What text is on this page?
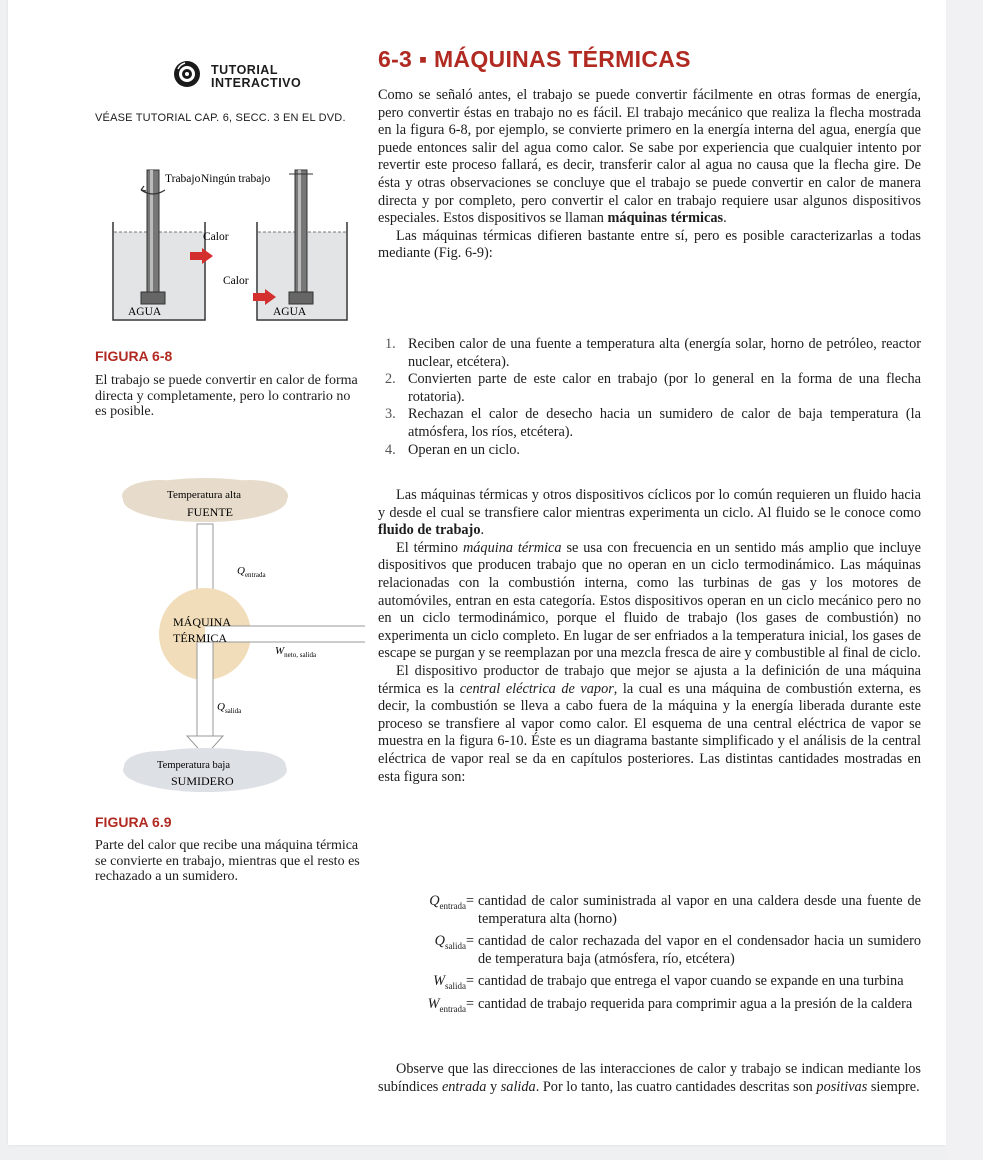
TUTORIAL
INTERACTIVO
VÉASE TUTORIAL CAP. 6, SECC. 3 EN EL DVD.
Trabajo
Calor
AGUA
Ningún trabajo
Calor
AGUA
FIGURA 6-8
El trabajo se puede convertir en calor de forma directa y completamente, pero lo contrario no es posible.
Temperatura alta
FUENTE
$Q_{entrada}$
MÁQUINA
TÉRMICA
$W_{neto, salida}$
$Q_{salida}$
Temperatura baja
SUMIDERO
FIGURA 6.9
Parte del calor que recibe una máquina térmica se convierte en trabajo, mientras que el resto es rechazado a un sumidero.
6-3 ▪ MÁQUINAS TÉRMICAS

Como se señaló antes, el trabajo se puede convertir fácilmente en otras formas de energía, pero convertir éstas en trabajo no es fácil. El trabajo mecánico que realiza la flecha mostrada en la figura 6-8, por ejemplo, se convierte primero en la energía interna del agua, energía que puede entonces salir del agua como calor. Se sabe por experiencia que cualquier intento por revertir este proceso fallará, es decir, transferir calor al agua no causa que la flecha gire. De ésta y otras observaciones se concluye que el trabajo se puede convertir en calor de manera directa y por completo, pero convertir el calor en trabajo requiere usar algunos dispositivos especiales. Estos dispositivos se llaman máquinas térmicas.

Las máquinas térmicas difieren bastante entre sí, pero es posible caracterizarlas a todas mediante (Fig. 6-9):

1. Reciben calor de una fuente a temperatura alta (energía solar, horno de petróleo, reactor nuclear, etcétera).
2. Convierten parte de este calor en trabajo (por lo general en la forma de una flecha rotatoria).
3. Rechazan el calor de desecho hacia un sumidero de calor de baja temperatura (la atmósfera, los ríos, etcétera).
4. Operan en un ciclo.

Las máquinas térmicas y otros dispositivos cíclicos por lo común requieren un fluido hacia y desde el cual se transfiere calor mientras experimenta un ciclo. Al fluido se le conoce como fluido de trabajo.

El término máquina térmica se usa con frecuencia en un sentido más amplio que incluye dispositivos que producen trabajo que no operan en un ciclo termodinámico. Las máquinas relacionadas con la combustión interna, como las turbinas de gas y los motores de automóviles, entran en esta categoría. Estos dispositivos operan en un ciclo mecánico pero no en un ciclo termodinámico, porque el fluido de trabajo (los gases de combustión) no experimenta un ciclo completo. En lugar de ser enfriados a la temperatura inicial, los gases de escape se purgan y se reemplazan por una mezcla fresca de aire y combustible al final de ciclo.

El dispositivo productor de trabajo que mejor se ajusta a la definición de una máquina térmica es la central eléctrica de vapor, la cual es una máquina de combustión externa, es decir, la combustión se lleva a cabo fuera de la máquina y la energía liberada durante este proceso se transfiere al vapor como calor. El esquema de una central eléctrica de vapor se muestra en la figura 6-10. Éste es un diagrama bastante simplificado y el análisis de la central eléctrica de vapor real se da en capítulos posteriores. Las distintas cantidades mostradas en esta figura son:

$Q_{entrada}$ = cantidad de calor suministrada al vapor en una caldera desde una fuente de temperatura alta (horno)
$Q_{salida}$ = cantidad de calor rechazada del vapor en el condensador hacia un sumidero de temperatura baja (atmósfera, río, etcétera)
$W_{salida}$ = cantidad de trabajo que entrega el vapor cuando se expande en una turbina
$W_{entrada}$ = cantidad de trabajo requerida para comprimir agua a la presión de la caldera

Observe que las direcciones de las interacciones de calor y trabajo se indican mediante los subíndices entrada y salida. Por lo tanto, las cuatro cantidades descritas son positivas siempre.
